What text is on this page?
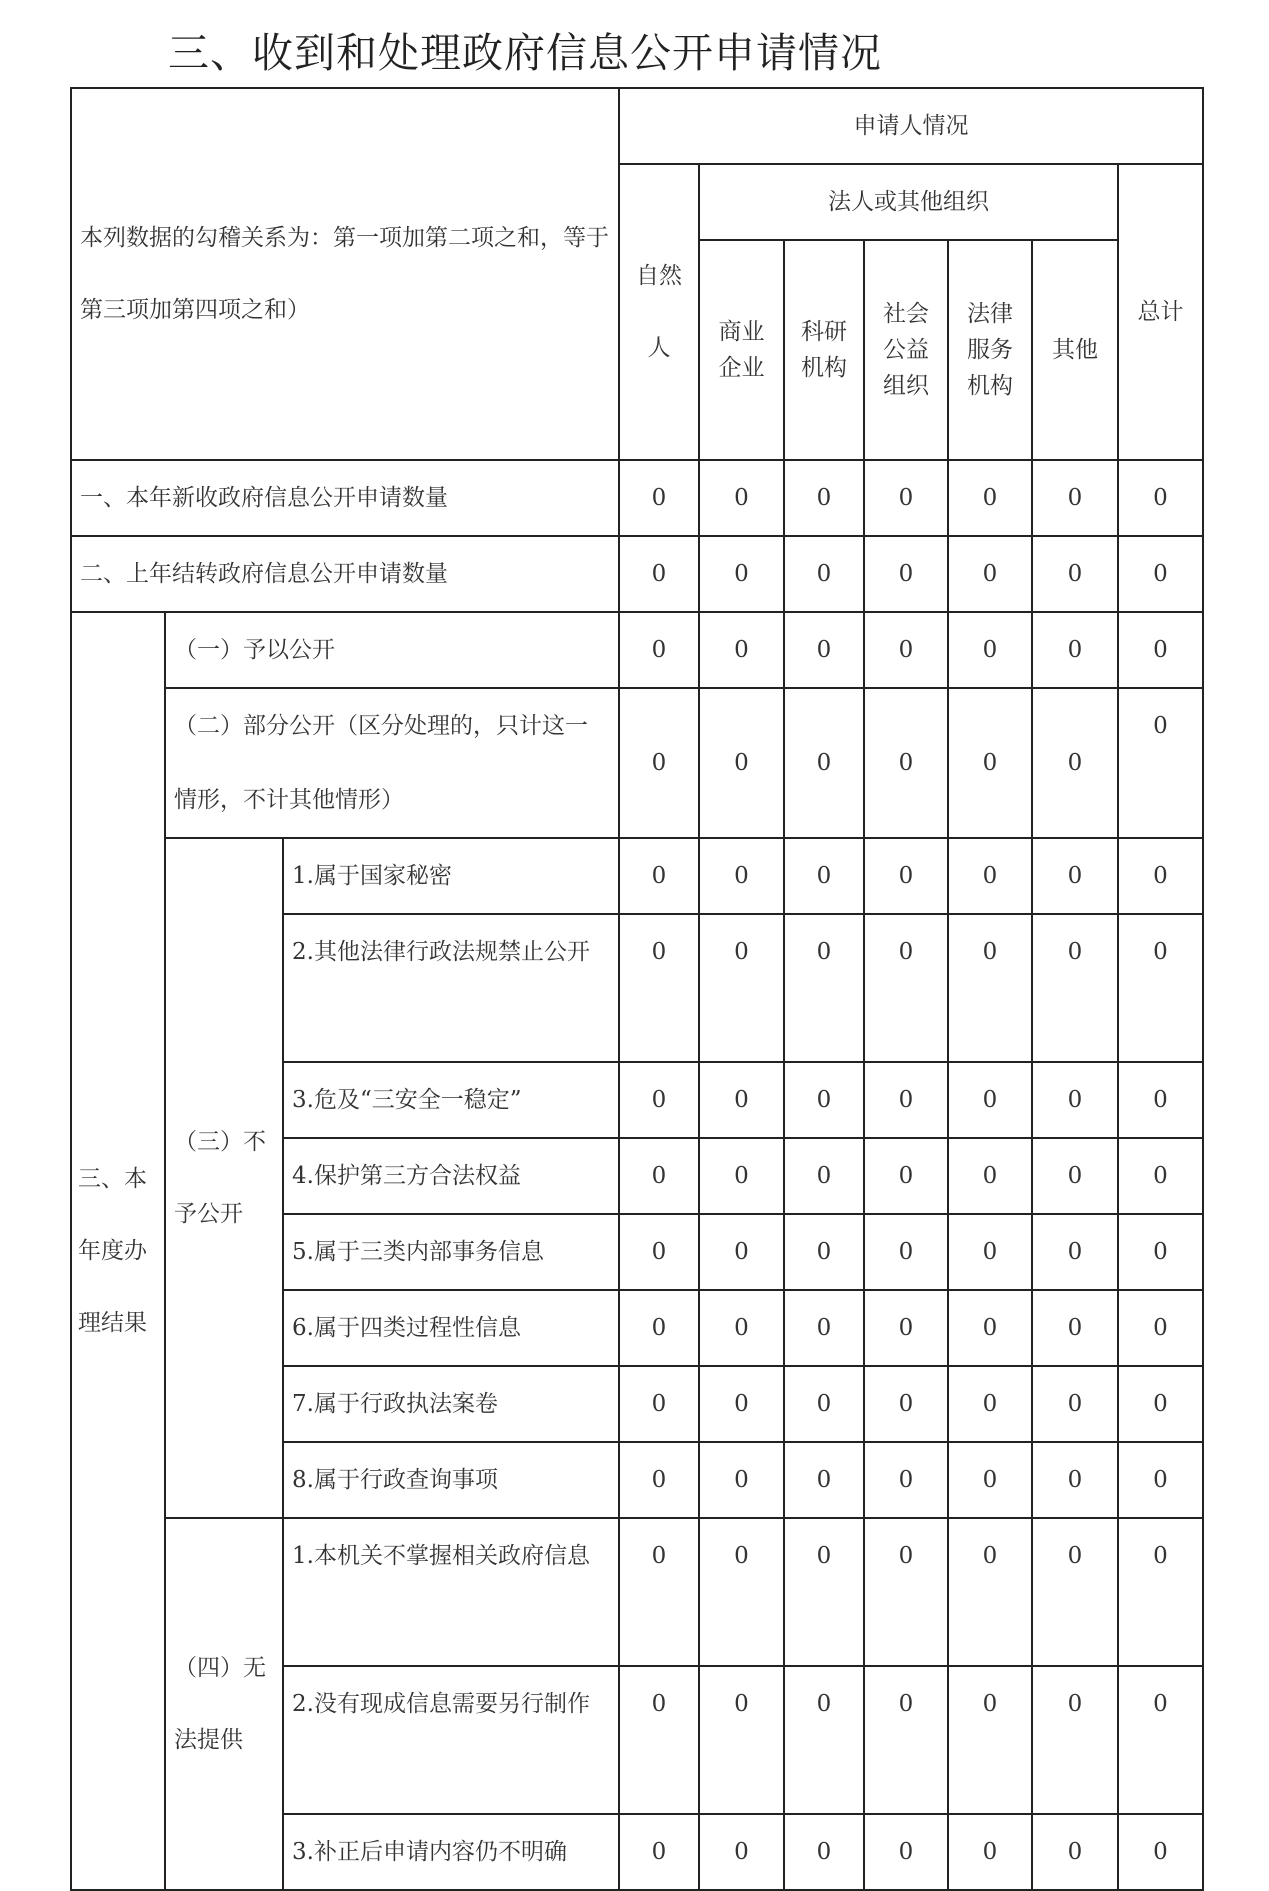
三、收到和处理政府信息公开申请情况
本列数据的勾稽关系为：第一项加第二项之和，等于第三项加第四项之和）			申请人情况						
			自然人	法人或其他组织					总计
				商业企业	科研机构	社会公益组织	法律服务机构	其他	
一、本年新收政府信息公开申请数量			0	0	0	0	0	0	0
二、上年结转政府信息公开申请数量			0	0	0	0	0	0	0
三、本年度办理结果	（一）予以公开		0	0	0	0	0	0	0
	（二）部分公开（区分处理的，只计这一情形，不计其他情形）		0	0	0	0	0	0	0
	（三）不予公开	1.属于国家秘密	0	0	0	0	0	0	0
		2.其他法律行政法规禁止公开	0	0	0	0	0	0	0
		3.危及“三安全一稳定”	0	0	0	0	0	0	0
		4.保护第三方合法权益	0	0	0	0	0	0	0
		5.属于三类内部事务信息	0	0	0	0	0	0	0
		6.属于四类过程性信息	0	0	0	0	0	0	0
		7.属于行政执法案卷	0	0	0	0	0	0	0
		8.属于行政查询事项	0	0	0	0	0	0	0
	（四）无法提供	1.本机关不掌握相关政府信息	0	0	0	0	0	0	0
		2.没有现成信息需要另行制作	0	0	0	0	0	0	0
		3.补正后申请内容仍不明确	0	0	0	0	0	0	0
